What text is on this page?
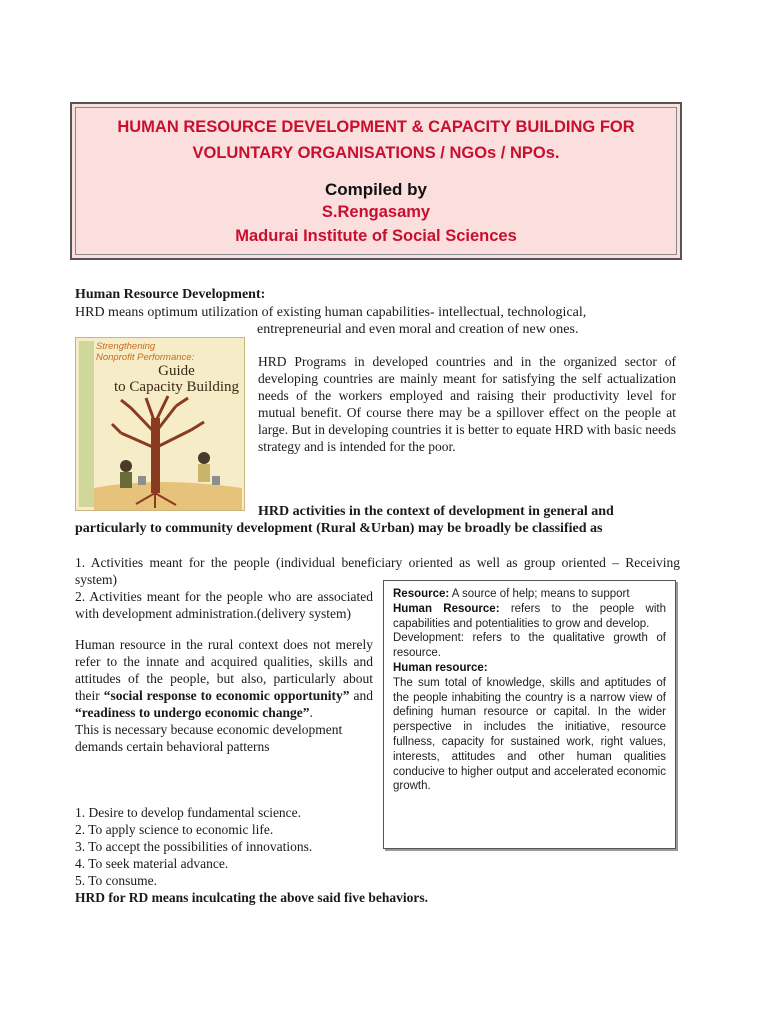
HUMAN RESOURCE DEVELOPMENT & CAPACITY BUILDING FOR
VOLUNTARY ORGANISATIONS / NGOs / NPOs.
Compiled by
S.Rengasamy
Madurai Institute of Social Sciences
Human Resource Development:
HRD means optimum utilization of existing human capabilities- intellectual, technological,
entrepreneurial and even moral and creation of new ones.
Strengthening
Nonprofit Performance:
Guide
to Capacity Building
HRD Programs in developed countries and in the organized sector of developing countries are mainly meant for satisfying the self actualization needs of the workers employed and raising their productivity level for mutual benefit. Of course there may be a spillover effect on the people at large. But in developing countries it is better to equate HRD with basic needs strategy and is intended for the poor.
HRD activities in the context of development in general and
particularly to community development (Rural &Urban) may be broadly be classified as
1. Activities meant for the people (individual beneficiary oriented as well as group oriented – Receiving system)

2. Activities meant for the people who are associated with development administration.(delivery system)

Human resource in the rural context does not merely refer to the innate and acquired qualities, skills and attitudes of the people, but also, particularly about their “social response to economic opportunity” and “readiness to undergo economic change”.

This is necessary because economic development demands certain behavioral patterns

1. Desire to develop fundamental science.
2. To apply science to economic life.
3. To accept the possibilities of innovations.
4. To seek material advance.
5. To consume.
HRD for RD means inculcating the above said five behaviors.

Resource: A source of help; means to support

Human Resource: refers to the people with capabilities and potentialities to grow and develop.

Development: refers to the qualitative growth of resource.

Human resource:

The sum total of knowledge, skills and aptitudes of the people inhabiting the country is a narrow view of defining human resource or capital. In the wider perspective in includes the initiative, resource fullness, capacity for sustained work, right values, interests, attitudes and other human qualities conducive to higher output and accelerated economic growth.
